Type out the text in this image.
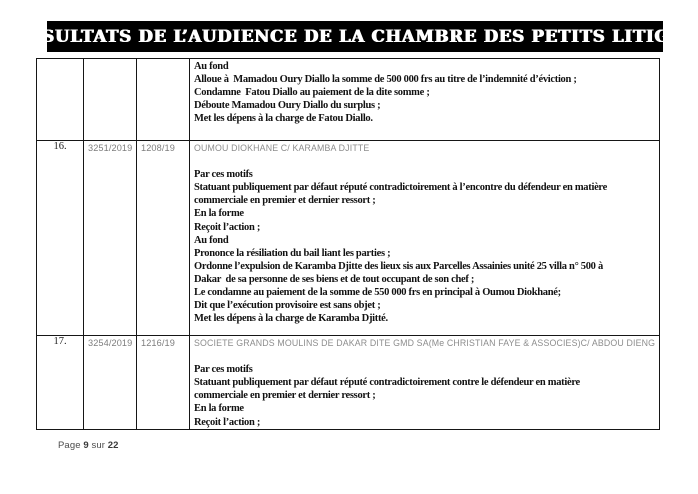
RESULTATS DE L’AUDIENCE DE LA CHAMBRE DES PETITS LITIGES

			Au fond
Alloue à  Mamadou Oury Diallo la somme de 500 000 frs au titre de l’indemnité d’éviction ;
Condamne  Fatou Diallo au paiement de la dite somme ;
Déboute Mamadou Oury Diallo du surplus ;
Met les dépens à la charge de Fatou Diallo.

16.	3251/2019	1208/19	OUMOU DIOKHANE C/ KARAMBA DJITTE
Par ces motifs
Statuant publiquement par défaut réputé contradictoirement à l’encontre du défendeur en matière
commerciale en premier et dernier ressort ;
En la forme
Reçoit l’action ;
Au fond
Prononce la résiliation du bail liant les parties ;
Ordonne l’expulsion de Karamba Djitte des lieux sis aux Parcelles Assainies unité 25 villa n° 500 à
Dakar  de sa personne de ses biens et de tout occupant de son chef ;
Le condamne au paiement de la somme de 550 000 frs en principal à Oumou Diokhané;
Dit que l’exécution provisoire est sans objet ;
Met les dépens à la charge de Karamba Djitté.

17.	3254/2019	1216/19	SOCIETE GRANDS MOULINS DE DAKAR DITE GMD SA(Me CHRISTIAN FAYE & ASSOCIES)C/ ABDOU DIENG
Par ces motifs
Statuant publiquement par défaut réputé contradictoirement contre le défendeur en matière
commerciale en premier et dernier ressort ;
En la forme
Reçoit l’action ;
Page 9 sur 22
